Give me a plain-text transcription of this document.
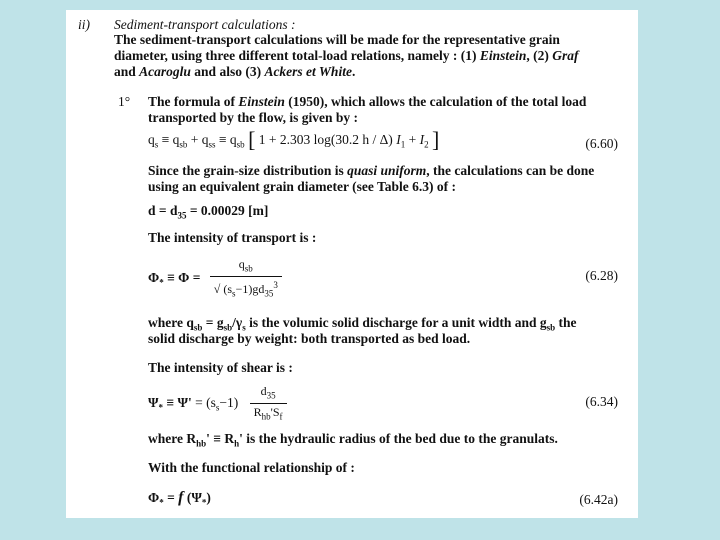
ii) Sediment-transport calculations :
The sediment-transport calculations will be made for the representative grain
diameter, using three different total-load relations, namely : (1) Einstein, (2) Graf
and Acaroglu and also (3) Ackers et White.
1° The formula of Einstein (1950), which allows the calculation of the total load
transported by the flow, is given by :
$q_s \equiv q_{sb} + q_{ss} \equiv q_{sb}$ [ 1 + 2.303 log(30.2 h / Δ) $I_1 + I_2$ ]	(6.60)
Since the grain-size distribution is quasi uniform, the calculations can be done
using an equivalent grain diameter (see Table 6.3) of :
$d = d_{35} = 0.00029$ [m]
The intensity of transport is :
$\Phi_* \equiv \Phi = \frac{q_{sb}}{√ (s_s-1)gd_{35}^3}$	(6.28)
where $q_{sb} = g_{sb}/\gamma_s$ is the volumic solid discharge for a unit width and $g_{sb}$ the
solid discharge by weight: both transported as bed load.
The intensity of shear is :
$\Psi_* \equiv \Psi' = (s_s-1) \frac{d_{35}}{R_{hb}'S_f}$	(6.34)
where $R_{hb}' \equiv R_h'$ is the hydraulic radius of the bed due to the granulats.
With the functional relationship of :
$\Phi_* = f$ $(\Psi_*)$	(6.42a)
